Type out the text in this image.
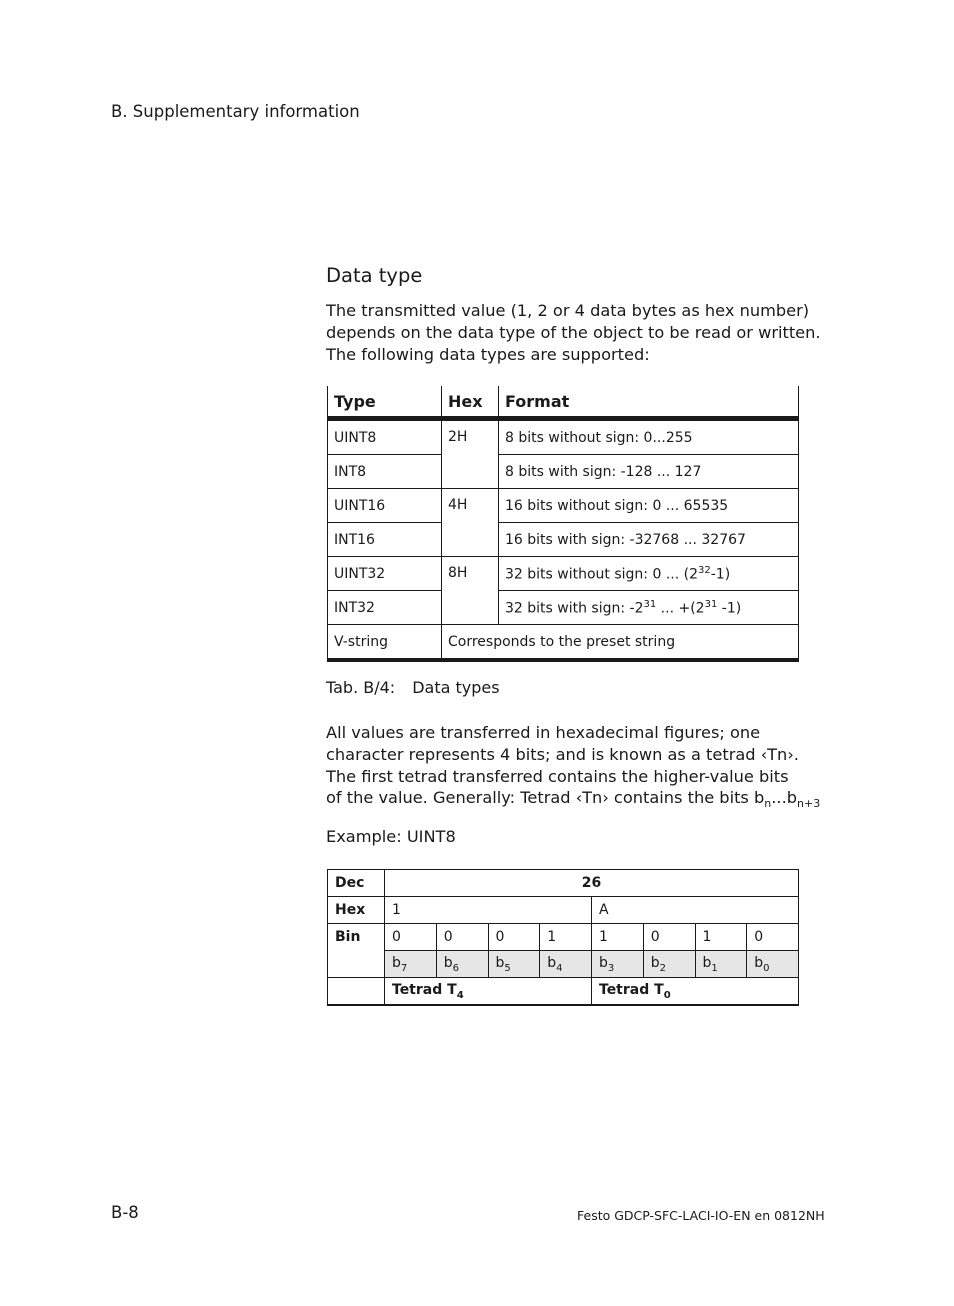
B. Supplementary information
Data type
The transmitted value (1, 2 or 4 data bytes as hex number)
depends on the data type of the object to be read or written.
The following data types are supported:
Type	Hex	Format
UINT8	2H	8 bits without sign: 0...255
INT8		8 bits with sign: -128 ... 127
UINT16	4H	16 bits without sign: 0 ... 65535
INT16		16 bits with sign: -32768 ... 32767
UINT32	8H	32 bits without sign: 0 ... $(2^{32}-1)$
INT32		32 bits with sign: $-2^{31}$ ... $+(2^{31}$ -1)
V-string	Corresponds to the preset string	
Tab. B/4: Data types
All values are transferred in hexadecimal figures; one
character represents 4 bits; and is known as a tetrad ‹Tn›.
The first tetrad transferred contains the higher-value bits
of the value. Generally: Tetrad ‹Tn› contains the bits $b_n...b_{n+3}$
Example: UINT8
Dec	26							
Hex	1				A			
Bin	0	0	0	1	1	0	1	0
	$b_7$	$b_6$	$b_5$	$b_4$	$b_3$	$b_2$	$b_1$	$b_0$
	Tetrad $T_4$				Tetrad $T_0$
B-8	Festo GDCP-SFC-LACI-IO-EN en 0812NH
